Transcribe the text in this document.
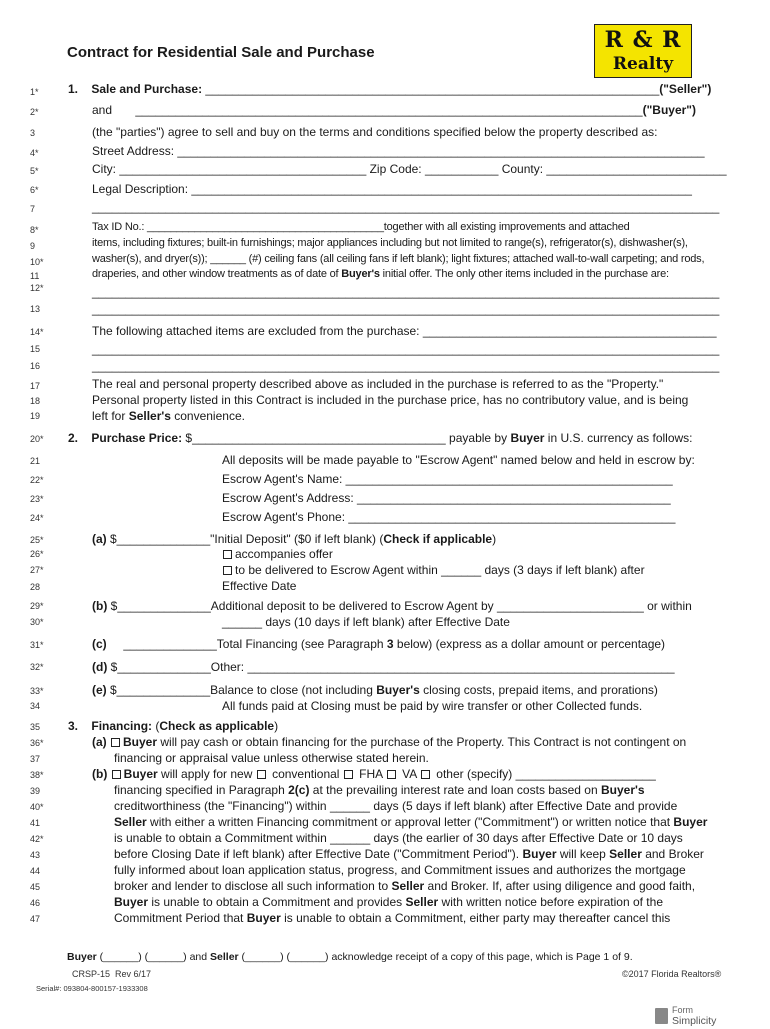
Contract for Residential Sale and Purchase	R & R
Realty
1*
2*
3
4*
5*
6*
7
8*
9
10*
11
12*
13
14*
15
16
17
18
19
20*
21
22*
23*
24*
25*
26*
27*
28
29*
30*
31*
32*
33*
34
35
36*
37
38*
39
40*
41
42*
43
44
45
46
47
1. Sale and Purchase: ____________________________________________________________________("Seller")
and ____________________________________________________________________________("Buyer")
(the "parties") agree to sell and buy on the terms and conditions specified below the property described as:
Street Address: _______________________________________________________________________________
City: _____________________________________ Zip Code: ___________ County: ___________________________
Legal Description: ___________________________________________________________________________
______________________________________________________________________________________________
Tax ID No.: ________________________________________together with all existing improvements and attached
items, including fixtures; built-in furnishings; major appliances including but not limited to range(s), refrigerator(s), dishwasher(s),
washer(s), and dryer(s)); ______ (#) ceiling fans (all ceiling fans if left blank); light fixtures; attached wall-to-wall carpeting; and rods,
draperies, and other window treatments as of date of Buyer's initial offer. The only other items included in the purchase are:
______________________________________________________________________________________________
______________________________________________________________________________________________
The following attached items are excluded from the purchase: ____________________________________________
______________________________________________________________________________________________
______________________________________________________________________________________________
The real and personal property described above as included in the purchase is referred to as the "Property."
Personal property listed in this Contract is included in the purchase price, has no contributory value, and is being
left for Seller's convenience.
2. Purchase Price: $______________________________________ payable by Buyer in U.S. currency as follows:
All deposits will be made payable to "Escrow Agent" named below and held in escrow by:
Escrow Agent's Name: _________________________________________________
Escrow Agent's Address: _______________________________________________
Escrow Agent's Phone: _________________________________________________
(a) $______________"Initial Deposit" ($0 if left blank) (Check if applicable)
accompanies offer
to be delivered to Escrow Agent within ______ days (3 days if left blank) after
Effective Date
(b) $______________Additional deposit to be delivered to Escrow Agent by ______________________ or within
______ days (10 days if left blank) after Effective Date
(c) ______________Total Financing (see Paragraph 3 below) (express as a dollar amount or percentage)
(d) $______________Other: ________________________________________________________________
(e) $______________Balance to close (not including Buyer's closing costs, prepaid items, and prorations)
All funds paid at Closing must be paid by wire transfer or other Collected funds.
3. Financing: (Check as applicable)
(a) Buyer will pay cash or obtain financing for the purchase of the Property. This Contract is not contingent on
financing or appraisal value unless otherwise stated herein.
(b) Buyer will apply for new  conventional  FHA  VA  other (specify) _____________________
financing specified in Paragraph 2(c) at the prevailing interest rate and loan costs based on Buyer's
creditworthiness (the "Financing") within ______ days (5 days if left blank) after Effective Date and provide
Seller with either a written Financing commitment or approval letter ("Commitment") or written notice that Buyer
is unable to obtain a Commitment within ______ days (the earlier of 30 days after Effective Date or 10 days
before Closing Date if left blank) after Effective Date ("Commitment Period"). Buyer will keep Seller and Broker
fully informed about loan application status, progress, and Commitment issues and authorizes the mortgage
broker and lender to disclose all such information to Seller and Broker. If, after using diligence and good faith,
Buyer is unable to obtain a Commitment and provides Seller with written notice before expiration of the
Commitment Period that Buyer is unable to obtain a Commitment, either party may thereafter cancel this
Buyer (______) (______) and Seller (______) (______) acknowledge receipt of a copy of this page, which is Page 1 of 9.
CRSP-15 Rev 6/17	©2017 Florida Realtors®
Serial#: 093804-800157-1933308
Form
Simplicity
